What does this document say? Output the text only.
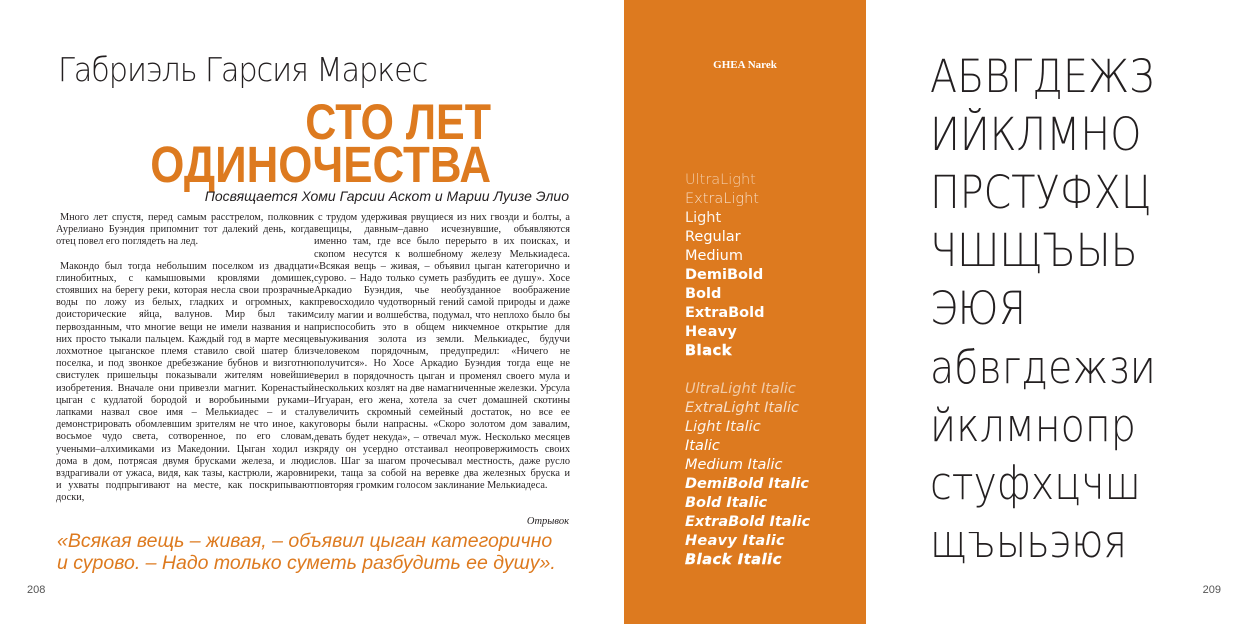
Габриэль Гарсия Маркес
СТО ЛЕТ
ОДИНОЧЕСТВА
Посвящается Хоми Гарсии Аскот и Марии Луизе Элио

Много лет спустя, перед самым расстрелом, полковник Аурелиано Буэндия припомнит тот далекий день, когда отец повел его поглядеть на лед.

Макондо был тогда небольшим поселком из двадцати глинобитных, с камышовыми кровлями домишек, стоявших на берегу реки, которая несла свои прозрачные воды по ложу из белых, гладких и огромных, как доисторические яйца, валунов. Мир был таким первозданным, что многие вещи не имели названия и на них просто тыкали пальцем. Каждый год в марте месяце лохмотное цыганское племя ставило свой шатер близ поселка, и под звонкое дребезжание бубнов и визготню свистулек пришельцы показывали жителям новейшие изобретения. Вначале они привезли магнит. Коренастый цыган с кудлатой бородой и воробьиными руками–лапками назвал свое имя – Мелькиадес – и стал демонстрировать обомлевшим зрителям не что иное, как восьмое чудо света, сотворенное, по его словам, учеными–алхимиками из Македонии. Цыган ходил из дома в дом, потрясая двумя брусками железа, и люди вздрагивали от ужаса, видя, как тазы, кастрюли, жаровни и ухваты подпрыгивают на месте, как поскрипывают доски,

с трудом удерживая рвущиеся из них гвозди и болты, а вещицы, давным–давно исчезнувшие, объявляются именно там, где все было перерыто в их поисках, и скопом несутся к волшебному железу Мелькиадеса. «Всякая вещь – живая, – объявил цыган категорично и сурово. – Надо только суметь разбудить ее душу». Хосе Аркадио Буэндия, чье необузданное воображение превосходило чудотворный гений самой природы и даже силу магии и волшебства, подумал, что неплохо было бы приспособить это в общем никчемное открытие для выуживания золота из земли. Мелькиадес, будучи человеком порядочным, предупредил: «Ничего не получится». Но Хосе Аркадио Буэндия тогда еще не верил в порядочность цыган и променял своего мула и нескольких козлят на две намагниченные железки. Урсула Игуаран, его жена, хотела за счет домашней скотины увеличить скромный семейный достаток, но все ее уговоры были напрасны. «Скоро золотом дом завалим, девать будет некуда», – отвечал муж. Несколько месяцев кряду он усердно отстаивал неопровержимость своих слов. Шаг за шагом прочесывал местность, даже русло реки, таща за собой на веревке два железных бруска и повторяя громким голосом заклинание Мелькиадеса.

Отрывок
«Всякая вещь – живая, – объявил цыган категорично
и сурово. – Надо только суметь разбудить ее душу».
208
GHEA Narek
UltraLight
ExtraLight
Light
Regular
Medium
DemiBold
Bold
ExtraBold
Heavy
Black
UltraLight Italic
ExtraLight Italic
Light Italic
Italic
Medium Italic
DemiBold Italic
Bold Italic
ExtraBold Italic
Heavy Italic
Black Italic
АБВГДЕЖЗ
ИЙКЛМНО
ПРСТУФХЦ
ЧШЩЪЫЬ
ЭЮЯ
абвгдежзи
йклмнопр
стуфхцчш
щъыьэюя
209
